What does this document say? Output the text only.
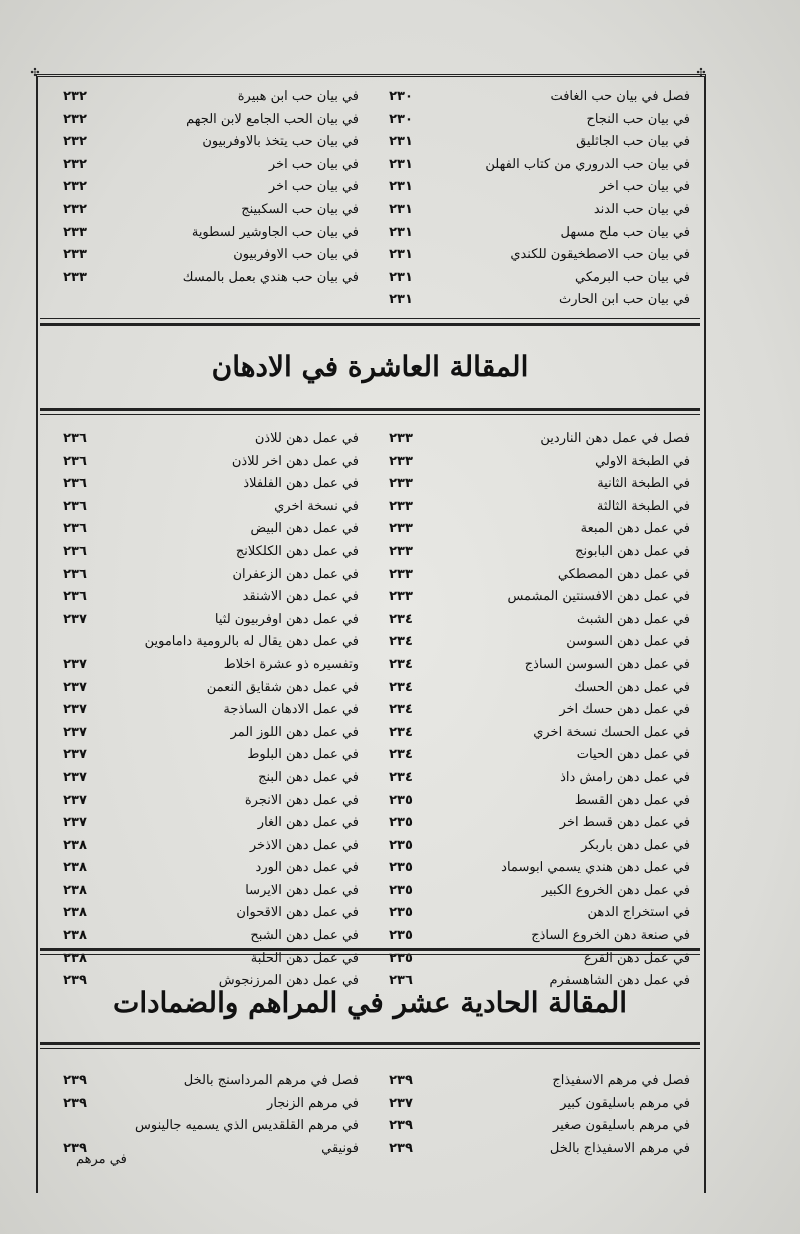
✣	✣
فصل في بيان حب الغافت
٢٣٠
في بيان حب ابن هبيرة
٢٣٢
في بيان حب النجاح
٢٣٠
في بيان الحب الجامع لابن الجهم
٢٣٢
في بيان حب الجاثليق
٢٣١
في بيان حب يتخذ بالاوفربيون
٢٣٢
في بيان حب الدروري من كتاب الفهلن
٢٣١
في بيان حب اخر
٢٣٢
في بيان حب اخر
٢٣١
في بيان حب اخر
٢٣٢
في بيان حب الدند
٢٣١
في بيان حب السكبينج
٢٣٢
في بيان حب ملح مسهل
٢٣١
في بيان حب الجاوشير لسطوية
٢٣٣
في بيان حب الاصطخيقون للكندي
٢٣١
في بيان حب الاوفربيون
٢٣٣
في بيان حب البرمكي
٢٣١
في بيان حب هندي بعمل بالمسك
٢٣٣
في بيان حب ابن الحارث
٢٣١
المقالة العاشرة في الادهان
فصل في عمل دهن الناردين
٢٣٣
في عمل دهن للاذن
٢٣٦
في الطبخة الاولي
٢٣٣
في عمل دهن اخر للاذن
٢٣٦
في الطبخة الثانية
٢٣٣
في عمل دهن الفلفلاذ
٢٣٦
في الطبخة الثالثة
٢٣٣
في نسخة اخري
٢٣٦
في عمل دهن المبعة
٢٣٣
في عمل دهن البيض
٢٣٦
في عمل دهن البابونج
٢٣٣
في عمل دهن الكلكلانج
٢٣٦
في عمل دهن المصطكي
٢٣٣
في عمل دهن الزعفران
٢٣٦
في عمل دهن الافسنتين المشمس
٢٣٣
في عمل دهن الاشنقد
٢٣٦
في عمل دهن الشبث
٢٣٤
في عمل دهن اوفربيون لثيا
٢٣٧
في عمل دهن السوسن
٢٣٤
في عمل دهن يقال له بالرومية داماموين
في عمل دهن السوسن الساذج
٢٣٤
وتفسيره ذو عشرة اخلاط
٢٣٧
في عمل دهن الحسك
٢٣٤
في عمل دهن شقايق النعمن
٢٣٧
في عمل دهن حسك اخر
٢٣٤
في عمل الادهان الساذجة
٢٣٧
في عمل الحسك نسخة اخري
٢٣٤
في عمل دهن اللوز المر
٢٣٧
في عمل دهن الحيات
٢٣٤
في عمل دهن البلوط
٢٣٧
في عمل دهن رامش داذ
٢٣٤
في عمل دهن البنج
٢٣٧
في عمل دهن القسط
٢٣٥
في عمل دهن الانجرة
٢٣٧
في عمل دهن قسط اخر
٢٣٥
في عمل دهن الغار
٢٣٧
في عمل دهن باربكر
٢٣٥
في عمل دهن الاذخر
٢٣٨
في عمل دهن هندي يسمي ابوسماد
٢٣٥
في عمل دهن الورد
٢٣٨
في عمل دهن الخروع الكبير
٢٣٥
في عمل دهن الايرسا
٢٣٨
في استخراج الدهن
٢٣٥
في عمل دهن الاقحوان
٢٣٨
في صنعة دهن الخروع الساذج
٢٣٥
في عمل دهن الشبح
٢٣٨
في عمل دهن القرع
٢٣٥
في عمل دهن الحلبة
٢٣٨
في عمل دهن الشاهسفرم
٢٣٦
في عمل دهن المرزنجوش
٢٣٩
المقالة الحادية عشر في المراهم والضمادات
فصل في مرهم الاسفيذاج
٢٣٩
فصل في مرهم المرداسنج بالخل
٢٣٩
في مرهم باسليقون كبير
٢٣٧
في مرهم الزنجار
٢٣٩
في مرهم باسليقون صغير
٢٣٩
في مرهم القلقديس الذي يسميه جالينوس
في مرهم الاسفيذاج بالخل
٢٣٩
فونيقي
٢٣٩
في مرهم
